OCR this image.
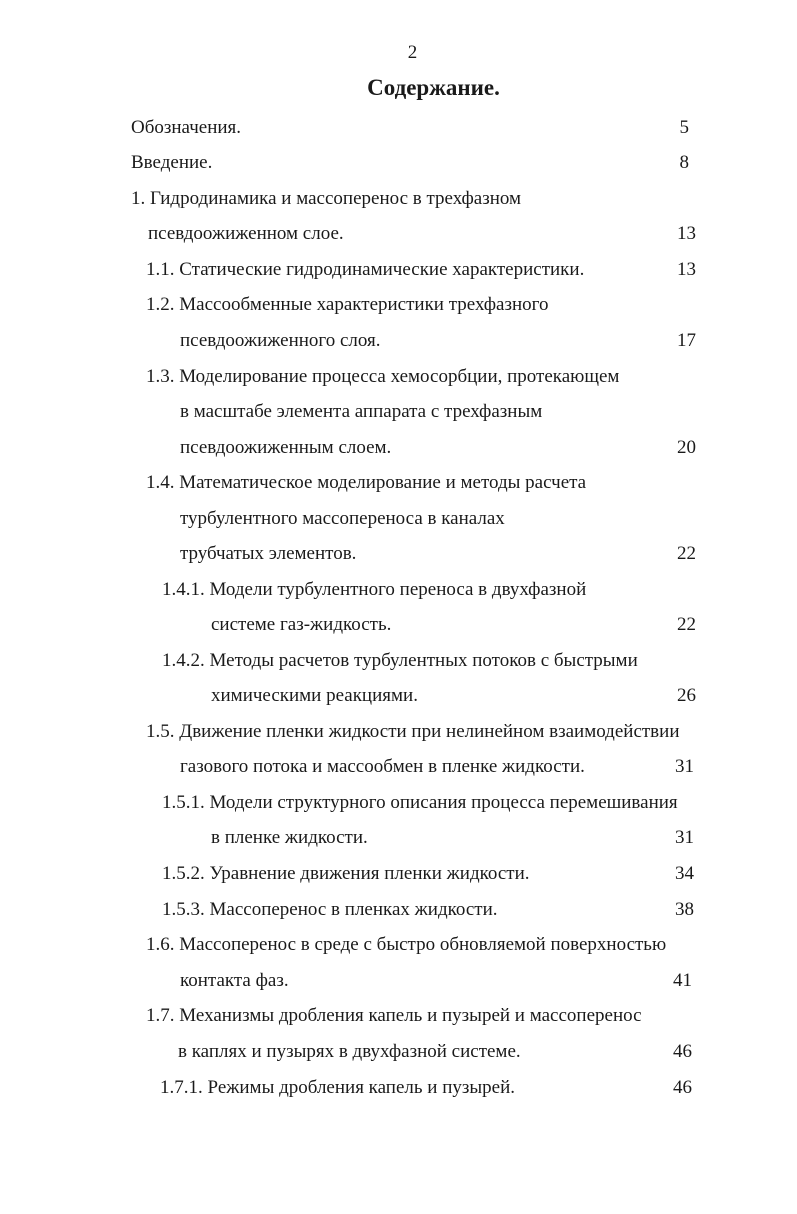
2
Содержание.
Обозначения.	5
Введение.	8
1. Гидродинамика и массоперенос в трехфазном
псевдоожиженном слое.	13
1.1. Статические гидродинамические характеристики.	13
1.2. Массообменные характеристики трехфазного
псевдоожиженного слоя.	17
1.3. Моделирование процесса хемосорбции, протекающем
в масштабе элемента аппарата с трехфазным
псевдоожиженным слоем.	20
1.4. Математическое моделирование и методы расчета
турбулентного массопереноса в каналах
трубчатых элементов.	22
1.4.1. Модели турбулентного переноса в двухфазной
системе газ-жидкость.	22
1.4.2. Методы расчетов турбулентных потоков с быстрыми
химическими реакциями.	26
1.5. Движение пленки жидкости при нелинейном взаимодействии
газового потока и массообмен в пленке жидкости.	31
1.5.1. Модели структурного описания процесса перемешивания
в пленке жидкости.	31
1.5.2. Уравнение движения пленки жидкости.	34
1.5.3. Массоперенос в пленках жидкости.	38
1.6. Массоперенос в среде с быстро обновляемой поверхностью
контакта фаз.	41
1.7. Механизмы дробления капель и пузырей и массоперенос
в каплях и пузырях в двухфазной системе.	46
1.7.1. Режимы дробления капель и пузырей.	46
